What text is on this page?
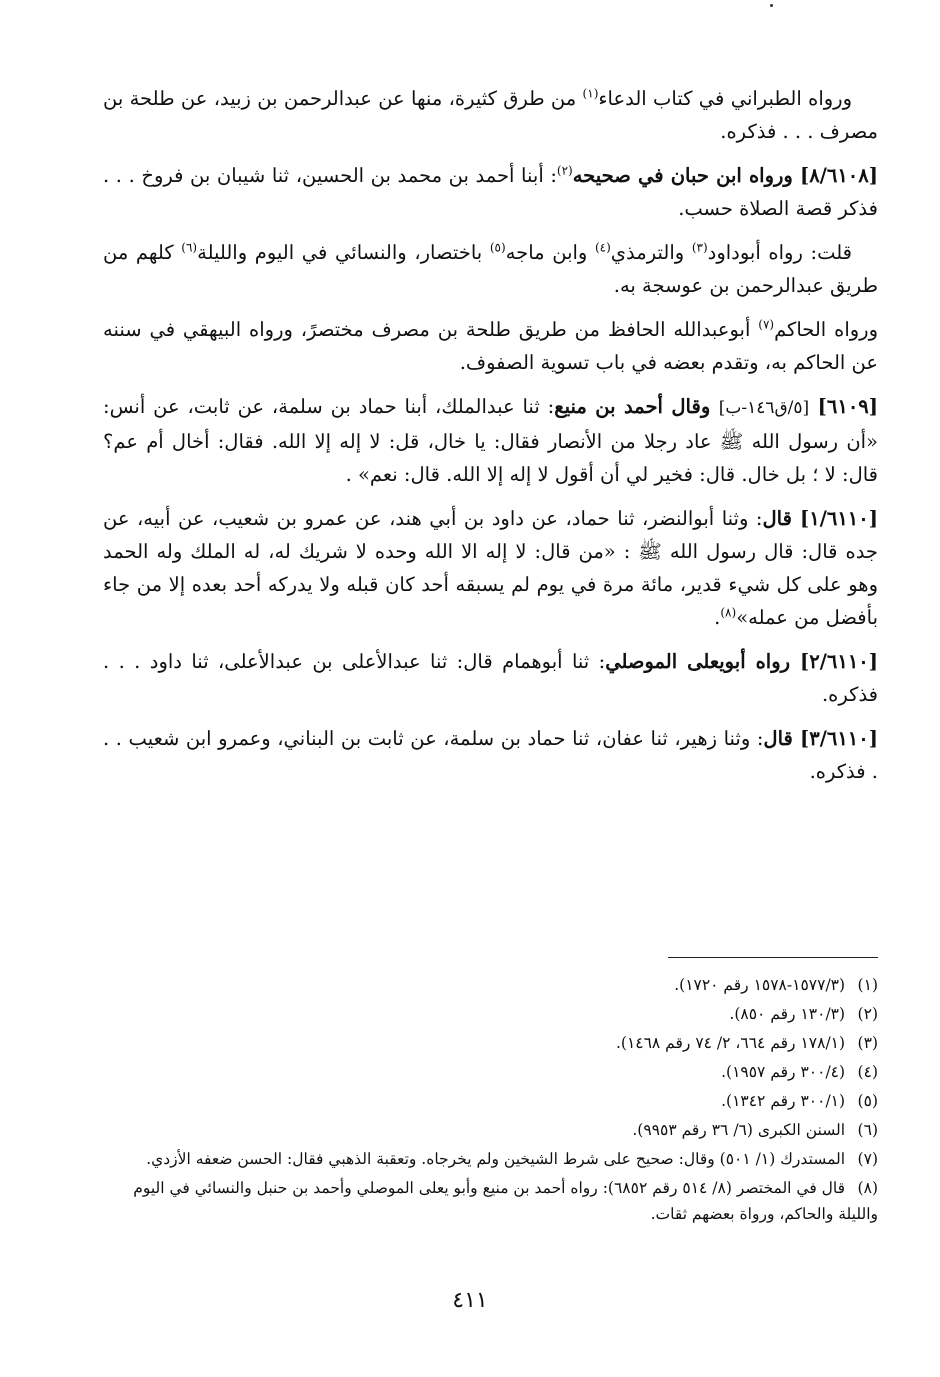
ورواه الطبراني في كتاب الدعاء$^{(١)}$ من طرق كثيرة، منها عن عبدالرحمن بن زبيد، عن طلحة بن مصرف . . . فذكره.

[٨/٦١٠٨] ورواه ابن حبان في صحيحه$^{(٢)}$: أبنا أحمد بن محمد بن الحسين، ثنا شيبان بن فروخ . . . فذكر قصة الصلاة حسب.

قلت: رواه أبوداود$^{(٣)}$ والترمذي$^{(٤)}$ وابن ماجه$^{(٥)}$ باختصار، والنسائي في اليوم والليلة$^{(٦)}$ كلهم من طريق عبدالرحمن بن عوسجة به.

ورواه الحاكم$^{(٧)}$ أبوعبدالله الحافظ من طريق طلحة بن مصرف مختصرً، ورواه البيهقي في سننه عن الحاكم به، وتقدم بعضه في باب تسوية الصفوف.

[٦١٠٩] [٥/ق١٤٦-ب] وقال أحمد بن منيع: ثنا عبدالملك، أبنا حماد بن سلمة، عن ثابت، عن أنس: «أن رسول الله ﷺ عاد رجلا من الأنصار فقال: يا خال، قل: لا إله إلا الله. فقال: أخال أم عم؟ قال: لا ؛ بل خال. قال: فخير لي أن أقول لا إله إلا الله. قال: نعم» .

[١/٦١١٠] قال: وثنا أبوالنضر، ثنا حماد، عن داود بن أبي هند، عن عمرو بن شعيب، عن أبيه، عن جده قال: قال رسول الله ﷺ : «من قال: لا إله الا الله وحده لا شريك له، له الملك وله الحمد وهو على كل شيء قدير، مائة مرة في يوم لم يسبقه أحد كان قبله ولا يدركه أحد بعده إلا من جاء بأفضل من عمله»$^{(٨)}$.

[٢/٦١١٠] رواه أبويعلى الموصلي: ثنا أبوهمام قال: ثنا عبدالأعلى بن عبدالأعلى، ثنا داود . . . فذكره.

[٣/٦١١٠] قال: وثنا زهير، ثنا عفان، ثنا حماد بن سلمة، عن ثابت بن البناني، وعمرو ابن شعيب . . . فذكره.

(١) (١٥٧٧/٣-١٥٧٨ رقم ١٧٢٠).
(٢) (١٣٠/٣ رقم ٨٥٠).
(٣) (١٧٨/١ رقم ٦٦٤، ٢/ ٧٤ رقم ١٤٦٨).
(٤) (٣٠٠/٤ رقم ١٩٥٧).
(٥) (٣٠٠/١ رقم ١٣٤٢).
(٦) السنن الكبرى (٦/ ٣٦ رقم ٩٩٥٣).
(٧) المستدرك (١/ ٥٠١) وقال: صحيح على شرط الشيخين ولم يخرجاه. وتعقبة الذهبي فقال: الحسن ضعفه الأزدي.
(٨) قال في المختصر (٨/ ٥١٤ رقم ٦٨٥٢): رواه أحمد بن منيع وأبو يعلى الموصلي وأحمد بن حنبل والنسائي في اليوم والليلة والحاكم، ورواة بعضهم ثقات.
٤١١
